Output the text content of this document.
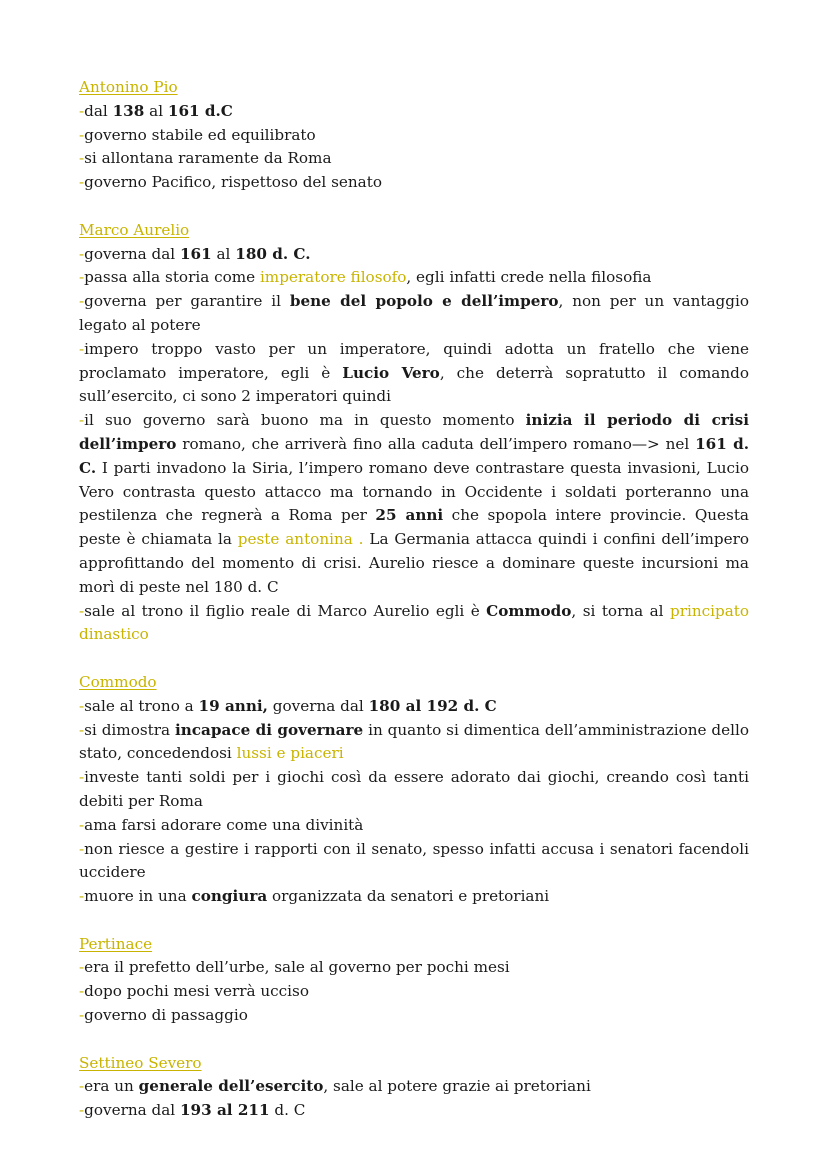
Antonino Pio
-dal 138 al 161 d.C
-governo stabile ed equilibrato
-si allontana raramente da Roma
-governo Pacifico, rispettoso del senato
Marco Aurelio
-governa dal 161 al 180 d. C.
-passa alla storia come imperatore filosofo, egli infatti crede nella filosofia
-governa per garantire il bene del popolo e dell’impero, non per un vantaggio legato al potere
-impero troppo vasto per un imperatore, quindi adotta un fratello che viene proclamato imperatore, egli è Lucio Vero, che deterrà sopratutto il comando sull’esercito, ci sono 2 imperatori quindi
-il suo governo sarà buono ma in questo momento inizia il periodo di crisi dell’impero romano, che arriverà fino alla caduta dell’impero romano—> nel 161 d. C. I parti invadono la Siria, l’impero romano deve contrastare questa invasioni, Lucio Vero contrasta questo attacco ma tornando in Occidente i soldati porteranno una pestilenza che regnerà a Roma per 25 anni che spopola intere provincie. Questa peste è chiamata la peste antonina . La Germania attacca quindi i confini dell’impero approfittando del momento di crisi. Aurelio riesce a dominare queste incursioni ma morì di peste nel 180 d. C
-sale al trono il figlio reale di Marco Aurelio egli è Commodo, si torna al principato dinastico
Commodo
-sale al trono a 19 anni, governa dal 180 al 192 d. C
-si dimostra incapace di governare in quanto si dimentica dell’amministrazione dello stato, concedendosi lussi e piaceri
-investe tanti soldi per i giochi così da essere adorato dai giochi, creando così tanti debiti per Roma
-ama farsi adorare come una divinità
-non riesce a gestire i rapporti con il senato, spesso infatti accusa i senatori facendoli uccidere
-muore in una congiura organizzata da senatori e pretoriani
Pertinace
-era il prefetto dell’urbe, sale al governo per pochi mesi
-dopo pochi mesi verrà ucciso
-governo di passaggio
Settineo Severo
-era un generale dell’esercito, sale al potere grazie ai pretoriani
-governa dal 193 al 211 d. C
